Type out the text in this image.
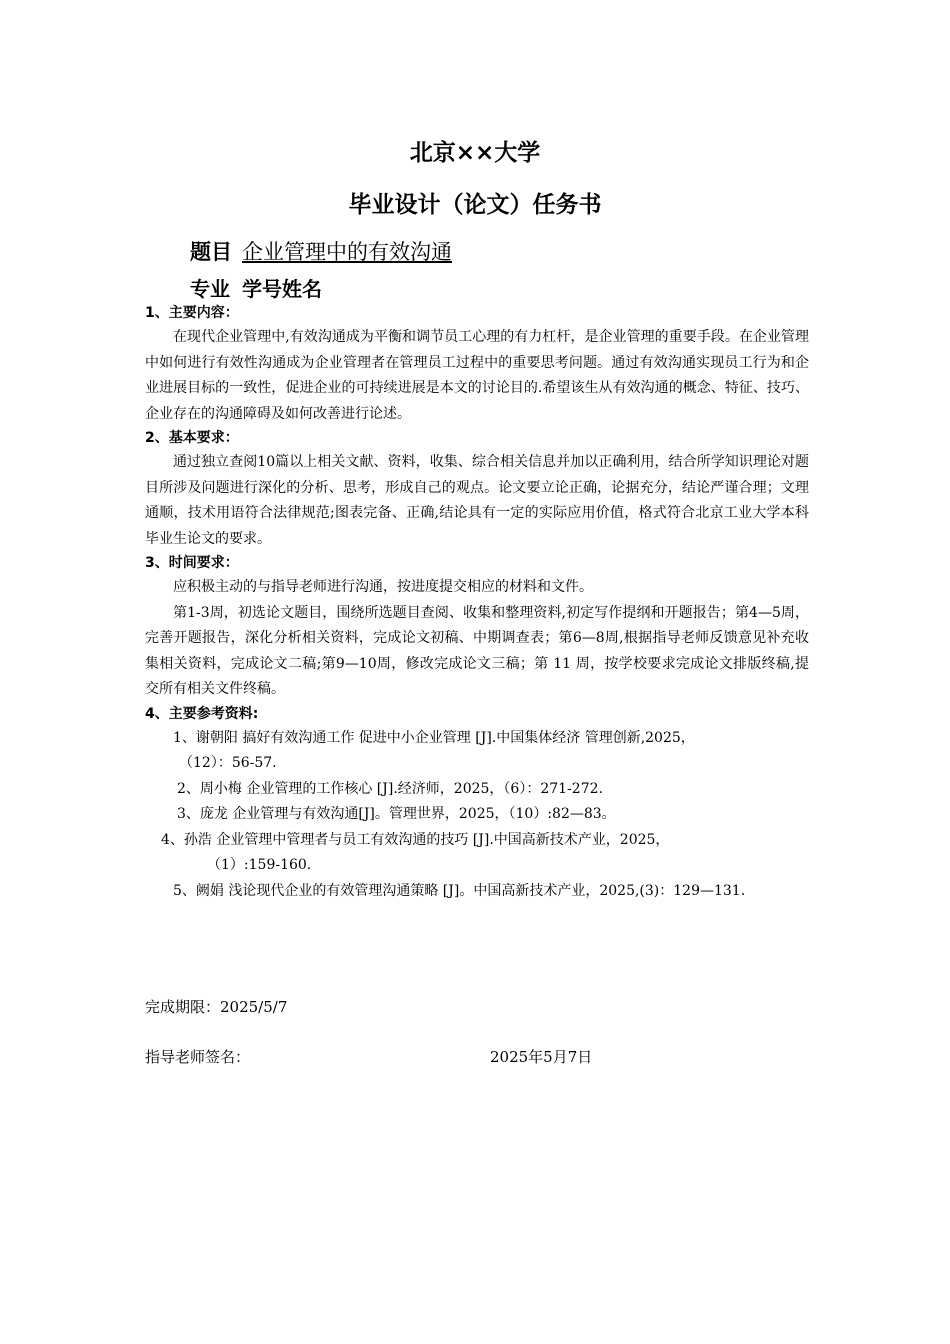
北京××大学
毕业设计（论文）任务书
题目 企业管理中的有效沟通
专业 学号姓名
1、主要内容：

在现代企业管理中,有效沟通成为平衡和调节员工心理的有力杠杆，是企业管理的重要手段。在企业管理中如何进行有效性沟通成为企业管理者在管理员工过程中的重要思考问题。通过有效沟通实现员工行为和企业进展目标的一致性，促进企业的可持续进展是本文的讨论目的.希望该生从有效沟通的概念、特征、技巧、企业存在的沟通障碍及如何改善进行论述。

2、基本要求：

通过独立查阅10篇以上相关文献、资料，收集、综合相关信息并加以正确利用，结合所学知识理论对题目所涉及问题进行深化的分析、思考，形成自己的观点。论文要立论正确，论据充分，结论严谨合理；文理通顺，技术用语符合法律规范;图表完备、正确,结论具有一定的实际应用价值，格式符合北京工业大学本科毕业生论文的要求。

3、时间要求：

应积极主动的与指导老师进行沟通，按进度提交相应的材料和文件。

第1-3周，初选论文题目，围绕所选题目查阅、收集和整理资料,初定写作提纲和开题报告；第4—5周，完善开题报告，深化分析相关资料，完成论文初稿、中期调查表；第6—8周,根据指导老师反馈意见补充收集相关资料，完成论文二稿;第9—10周，修改完成论文三稿；第 11 周，按学校要求完成论文排版终稿,提交所有相关文件终稿。

4、主要参考资料:

1、谢朝阳 搞好有效沟通工作 促进中小企业管理 [J].中国集体经济 管理创新,2025，
（12）：56-57.

2、周小梅 企业管理的工作核心 [J].经济师，2025，（6）：271-272.

3、庞龙 企业管理与有效沟通[J]。管理世界，2025，（10）:82—83。

4、孙浩 企业管理中管理者与员工有效沟通的技巧 [J].中国高新技术产业，2025，
（1）:159-160.

5、阙娟 浅论现代企业的有效管理沟通策略 [J]。中国高新技术产业，2025,(3)：129—131.

完成期限：2025/5/7
指导老师签名：	2025年5月7日
